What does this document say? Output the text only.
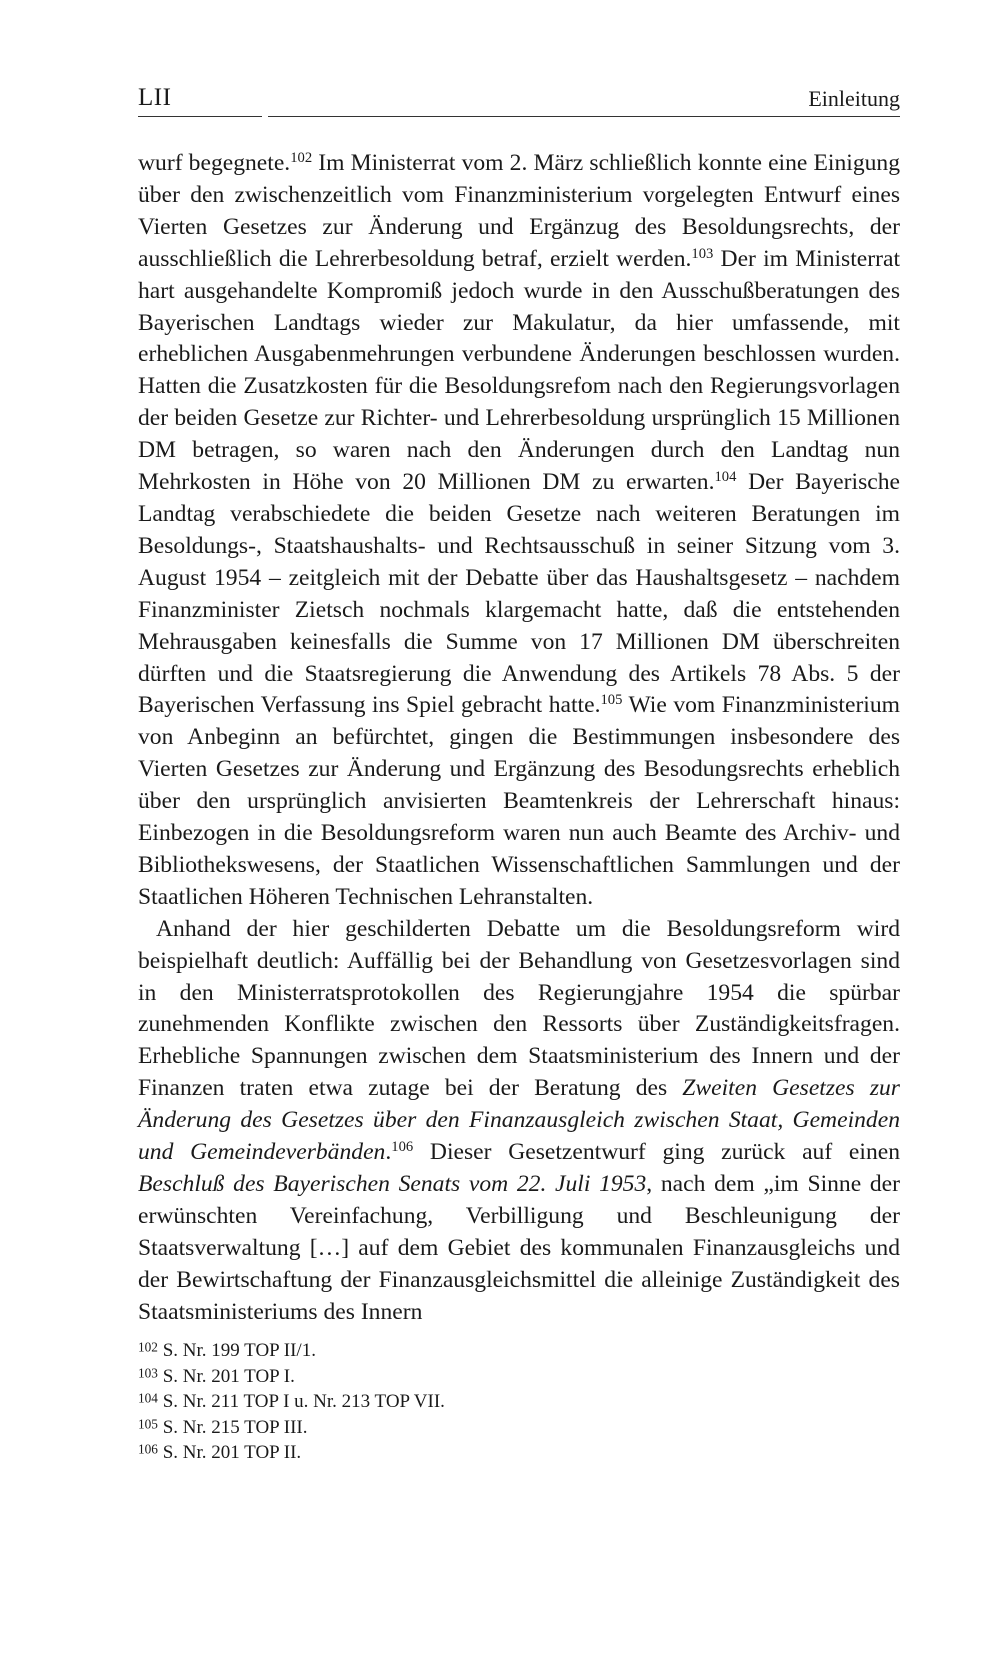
LII	Einleitung

wurf begegnete.$^{102}$ Im Ministerrat vom 2. März schließlich konnte eine Einigung über den zwischenzeitlich vom Finanzministerium vorgelegten Entwurf eines Vierten Gesetzes zur Änderung und Ergänzug des Besoldungsrechts, der ausschließlich die Lehrerbesoldung betraf, erzielt werden.$^{103}$ Der im Ministerrat hart ausgehandelte Kompromiß jedoch wurde in den Ausschußberatungen des Bayerischen Landtags wieder zur Makulatur, da hier umfassende, mit erheblichen Ausgabenmehrungen verbundene Änderungen beschlossen wurden. Hatten die Zusatzkosten für die Besoldungsrefom nach den Regierungsvorlagen der beiden Gesetze zur Richter- und Lehrerbesoldung ursprünglich 15 Millionen DM betragen, so waren nach den Änderungen durch den Landtag nun Mehrkosten in Höhe von 20 Millionen DM zu erwarten.$^{104}$ Der Bayerische Landtag verabschiedete die beiden Gesetze nach weiteren Beratungen im Besoldungs-, Staatshaushalts- und Rechtsausschuß in seiner Sitzung vom 3. August 1954 – zeitgleich mit der Debatte über das Haushaltsgesetz – nachdem Finanzminister Zietsch nochmals klargemacht hatte, daß die entstehenden Mehrausgaben keinesfalls die Summe von 17 Millionen DM überschreiten dürften und die Staatsregierung die Anwendung des Artikels 78 Abs. 5 der Bayerischen Verfassung ins Spiel gebracht hatte.$^{105}$ Wie vom Finanzministerium von Anbeginn an befürchtet, gingen die Bestimmungen insbesondere des Vierten Gesetzes zur Änderung und Ergänzung des Besodungsrechts erheblich über den ursprünglich anvisierten Beamtenkreis der Lehrerschaft hinaus: Einbezogen in die Besoldungsreform waren nun auch Beamte des Archiv- und Bibliothekswesens, der Staatlichen Wissenschaftlichen Sammlungen und der Staatlichen Höheren Technischen Lehranstalten.

Anhand der hier geschilderten Debatte um die Besoldungsreform wird beispielhaft deutlich: Auffällig bei der Behandlung von Gesetzesvorlagen sind in den Ministerratsprotokollen des Regierungjahre 1954 die spürbar zunehmenden Konflikte zwischen den Ressorts über Zuständigkeitsfragen. Erhebliche Spannungen zwischen dem Staatsministerium des Innern und der Finanzen traten etwa zutage bei der Beratung des Zweiten Gesetzes zur Änderung des Gesetzes über den Finanzausgleich zwischen Staat, Gemeinden und Gemeindeverbänden.$^{106}$ Dieser Gesetzentwurf ging zurück auf einen Beschluß des Bayerischen Senats vom 22. Juli 1953, nach dem „im Sinne der erwünschten Vereinfachung, Verbilligung und Beschleunigung der Staatsverwaltung […] auf dem Gebiet des kommunalen Finanzausgleichs und der Bewirtschaftung der Finanzausgleichsmittel die alleinige Zuständigkeit des Staatsministeriums des Innern

$^{102}$ S. Nr. 199 TOP II/1.
$^{103}$ S. Nr. 201 TOP I.
$^{104}$ S. Nr. 211 TOP I u. Nr. 213 TOP VII.
$^{105}$ S. Nr. 215 TOP III.
$^{106}$ S. Nr. 201 TOP II.
